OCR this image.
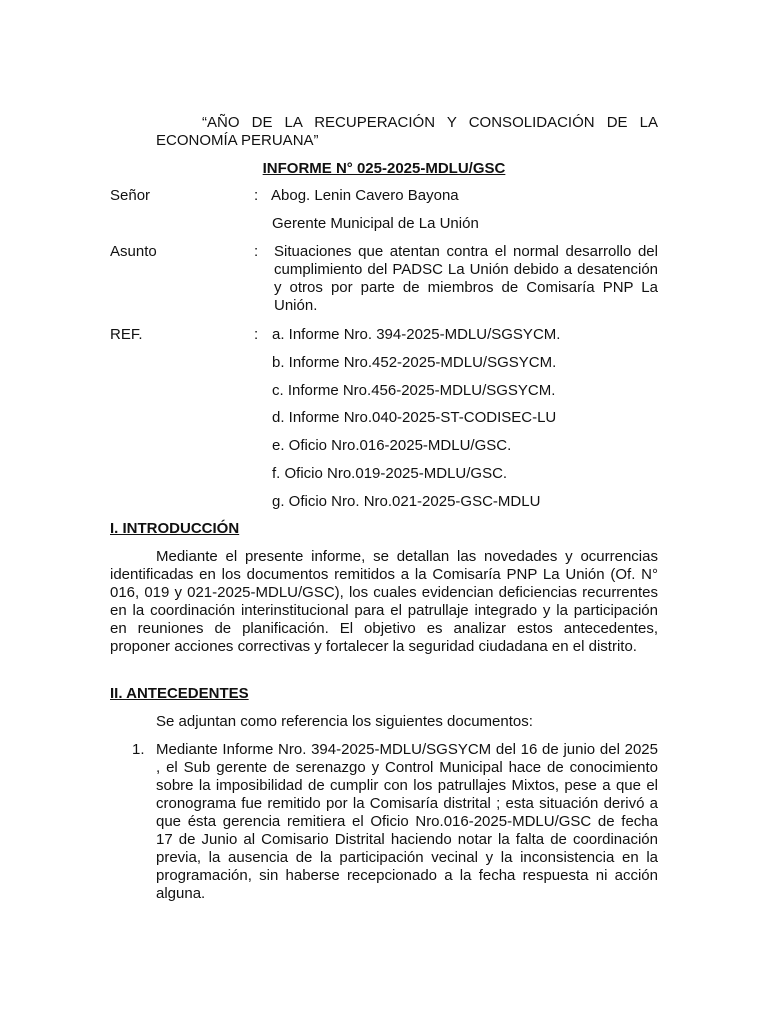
“AÑO DE LA RECUPERACIÓN Y CONSOLIDACIÓN DE LA
ECONOMÍA PERUANA”
INFORME N° 025-2025-MDLU/GSC
Señor	: Abog. Lenin Cavero Bayona
Gerente Municipal de La Unión
Asunto	: Situaciones que atentan contra el normal desarrollo del cumplimiento del PADSC La Unión debido a desatención y otros por parte de miembros de Comisaría PNP La Unión.
REF.	: a. Informe Nro. 394-2025-MDLU/SGSYCM.
b. Informe Nro.452-2025-MDLU/SGSYCM.
c. Informe Nro.456-2025-MDLU/SGSYCM.
d. Informe Nro.040-2025-ST-CODISEC-LU
e. Oficio Nro.016-2025-MDLU/GSC.
f. Oficio Nro.019-2025-MDLU/GSC.
g. Oficio Nro. Nro.021-2025-GSC-MDLU
I. INTRODUCCIÓN
Mediante el presente informe, se detallan las novedades y ocurrencias identificadas en los documentos remitidos a la Comisaría PNP La Unión (Of. N° 016, 019 y 021-2025-MDLU/GSC), los cuales evidencian deficiencias recurrentes en la coordinación interinstitucional para el patrullaje integrado y la participación en reuniones de planificación. El objetivo es analizar estos antecedentes, proponer acciones correctivas y fortalecer la seguridad ciudadana en el distrito.
II. ANTECEDENTES
Se adjuntan como referencia los siguientes documentos:
1. Mediante Informe Nro. 394-2025-MDLU/SGSYCM del 16 de junio del 2025 , el Sub gerente de serenazgo y Control Municipal hace de conocimiento sobre la imposibilidad de cumplir con los patrullajes Mixtos, pese a que el cronograma fue remitido por la Comisaría distrital ; esta situación derivó a que ésta gerencia remitiera el Oficio Nro.016-2025-MDLU/GSC de fecha 17 de Junio al Comisario Distrital haciendo notar la falta de coordinación previa, la ausencia de la participación vecinal y la inconsistencia en la programación, sin haberse recepcionado a la fecha respuesta ni acción alguna.
